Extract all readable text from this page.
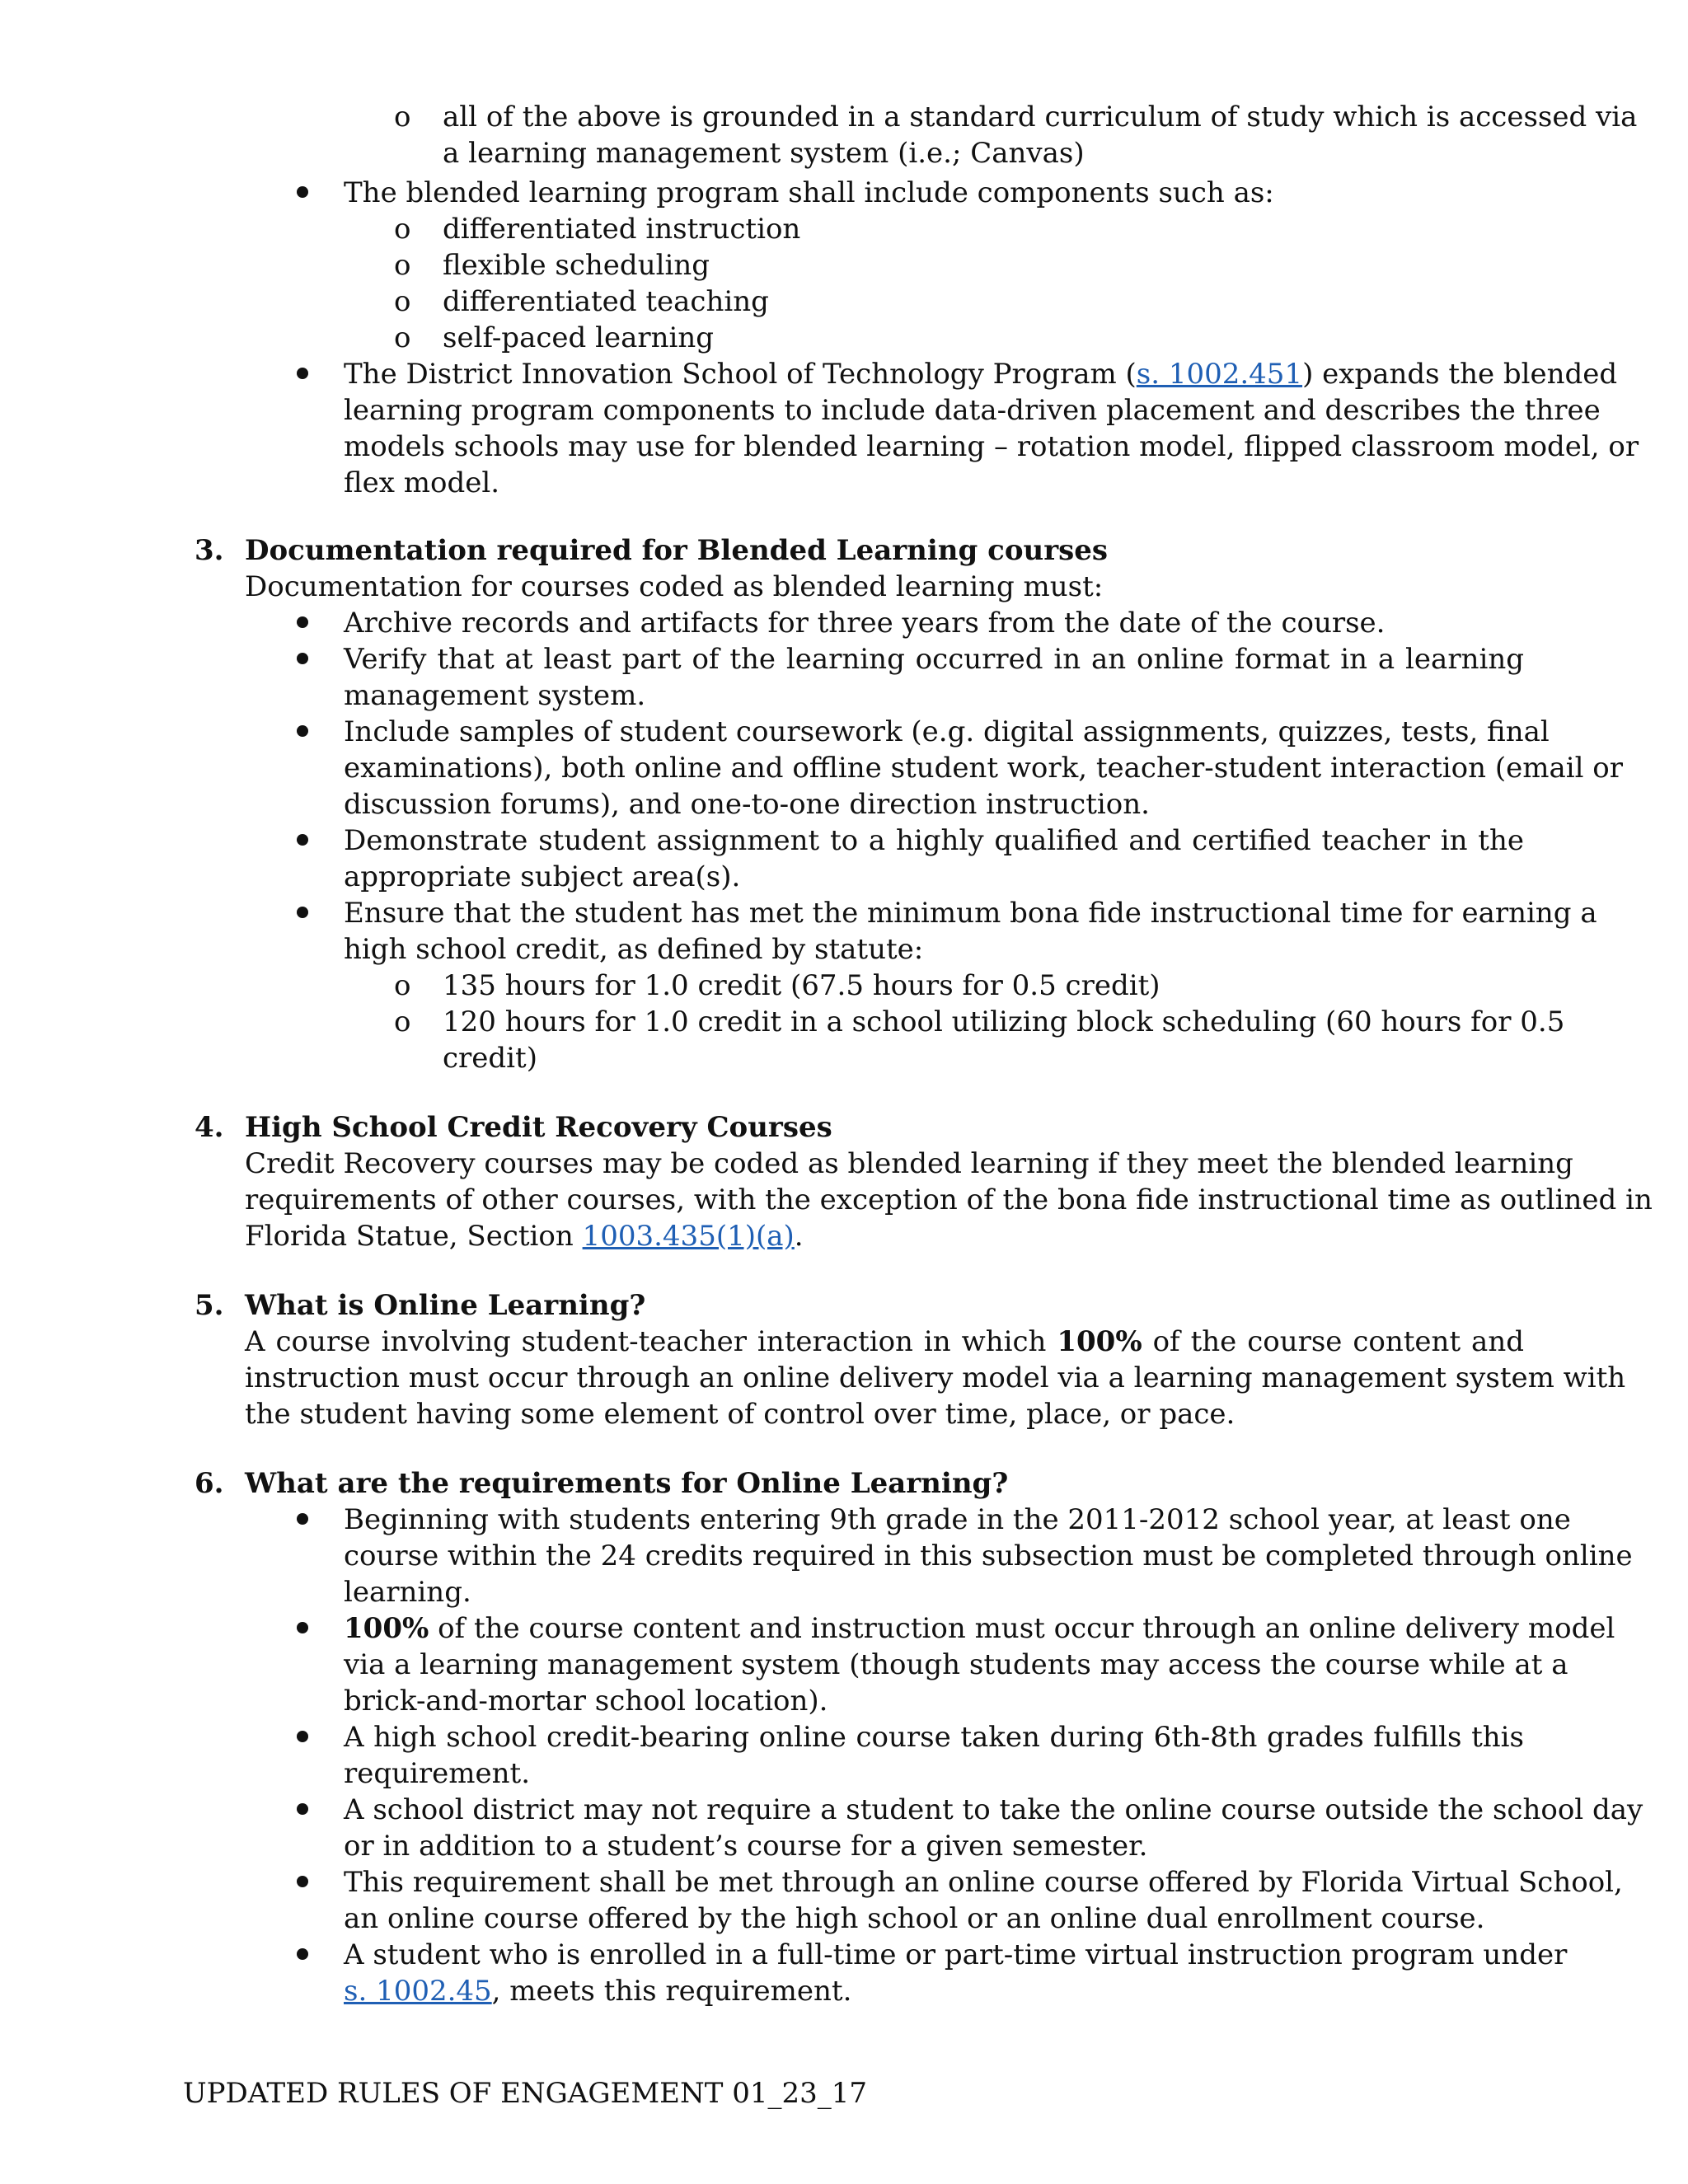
o all of the above is grounded in a standard curriculum of study which is accessed via
a learning management system (i.e.; Canvas)
The blended learning program shall include components such as:
o differentiated instruction
o flexible scheduling
o differentiated teaching
o self-paced learning
The District Innovation School of Technology Program (s. 1002.451) expands the blended
learning program components to include data-driven placement and describes the three
models schools may use for blended learning – rotation model, flipped classroom model, or
flex model.
3. Documentation required for Blended Learning courses
Documentation for courses coded as blended learning must:
Archive records and artifacts for three years from the date of the course.
Verify that at least part of the learning occurred in an online format in a learning
management system.
Include samples of student coursework (e.g. digital assignments, quizzes, tests, final
examinations), both online and offline student work, teacher-student interaction (email or
discussion forums), and one-to-one direction instruction.
Demonstrate student assignment to a highly qualified and certified teacher in the
appropriate subject area(s).
Ensure that the student has met the minimum bona fide instructional time for earning a
high school credit, as defined by statute:
o 135 hours for 1.0 credit (67.5 hours for 0.5 credit)
o 120 hours for 1.0 credit in a school utilizing block scheduling (60 hours for 0.5
credit)
4. High School Credit Recovery Courses
Credit Recovery courses may be coded as blended learning if they meet the blended learning
requirements of other courses, with the exception of the bona fide instructional time as outlined in
Florida Statue, Section 1003.435(1)(a).
5. What is Online Learning?
A course involving student-teacher interaction in which 100% of the course content and
instruction must occur through an online delivery model via a learning management system with
the student having some element of control over time, place, or pace.
6. What are the requirements for Online Learning?
Beginning with students entering 9th grade in the 2011-2012 school year, at least one
course within the 24 credits required in this subsection must be completed through online
learning.
100% of the course content and instruction must occur through an online delivery model
via a learning management system (though students may access the course while at a
brick-and-mortar school location).
A high school credit-bearing online course taken during 6th-8th grades fulfills this
requirement.
A school district may not require a student to take the online course outside the school day
or in addition to a student’s course for a given semester.
This requirement shall be met through an online course offered by Florida Virtual School,
an online course offered by the high school or an online dual enrollment course.
A student who is enrolled in a full-time or part-time virtual instruction program under
s. 1002.45, meets this requirement.
UPDATED RULES OF ENGAGEMENT 01_23_17
